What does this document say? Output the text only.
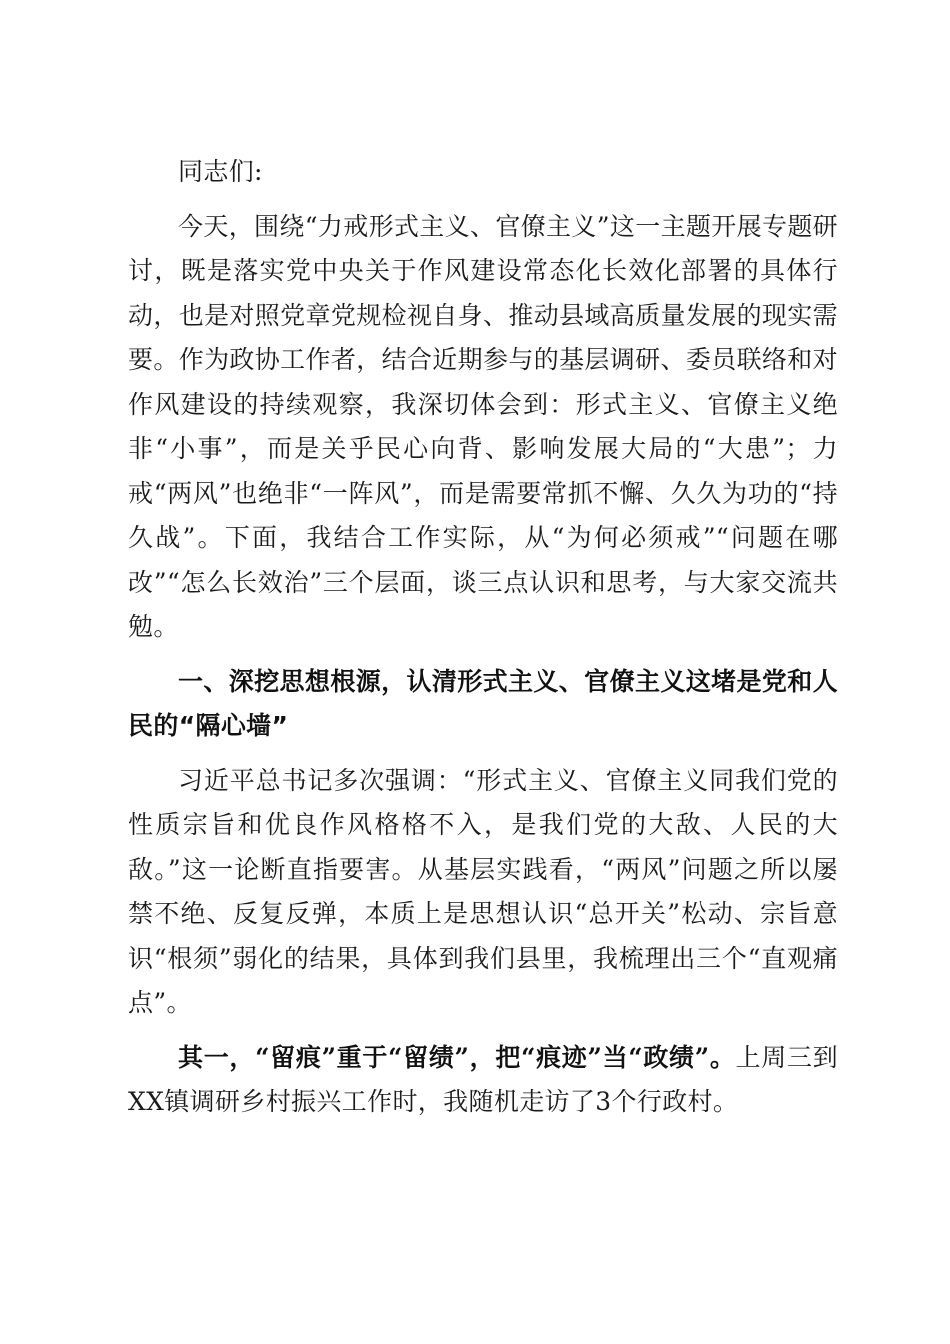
同志们:

今天，围绕“力戒形式主义、官僚主义”这一主题开展专题研讨，既是落实党中央关于作风建设常态化长效化部署的具体行动，也是对照党章党规检视自身、推动县域高质量发展的现实需要。作为政协工作者，结合近期参与的基层调研、委员联络和对作风建设的持续观察，我深切体会到：形式主义、官僚主义绝非“小事”，而是关乎民心向背、影响发展大局的“大患”；力戒“两风”也绝非“一阵风”，而是需要常抓不懈、久久为功的“持久战”。下面，我结合工作实际，从“为何必须戒”“问题在哪改”“怎么长效治”三个层面，谈三点认识和思考，与大家交流共勉。

一、深挖思想根源，认清形式主义、官僚主义这堵是党和人民的“隔心墙”

习近平总书记多次强调：“形式主义、官僚主义同我们党的性质宗旨和优良作风格格不入，是我们党的大敌、人民的大敌。”这一论断直指要害。从基层实践看，“两风”问题之所以屡禁不绝、反复反弹，本质上是思想认识“总开关”松动、宗旨意识“根须”弱化的结果，具体到我们县里，我梳理出三个“直观痛点”。

其一，“留痕”重于“留绩”，把“痕迹”当“政绩”。上周三到XX镇调研乡村振兴工作时，我随机走访了3个行政村。
